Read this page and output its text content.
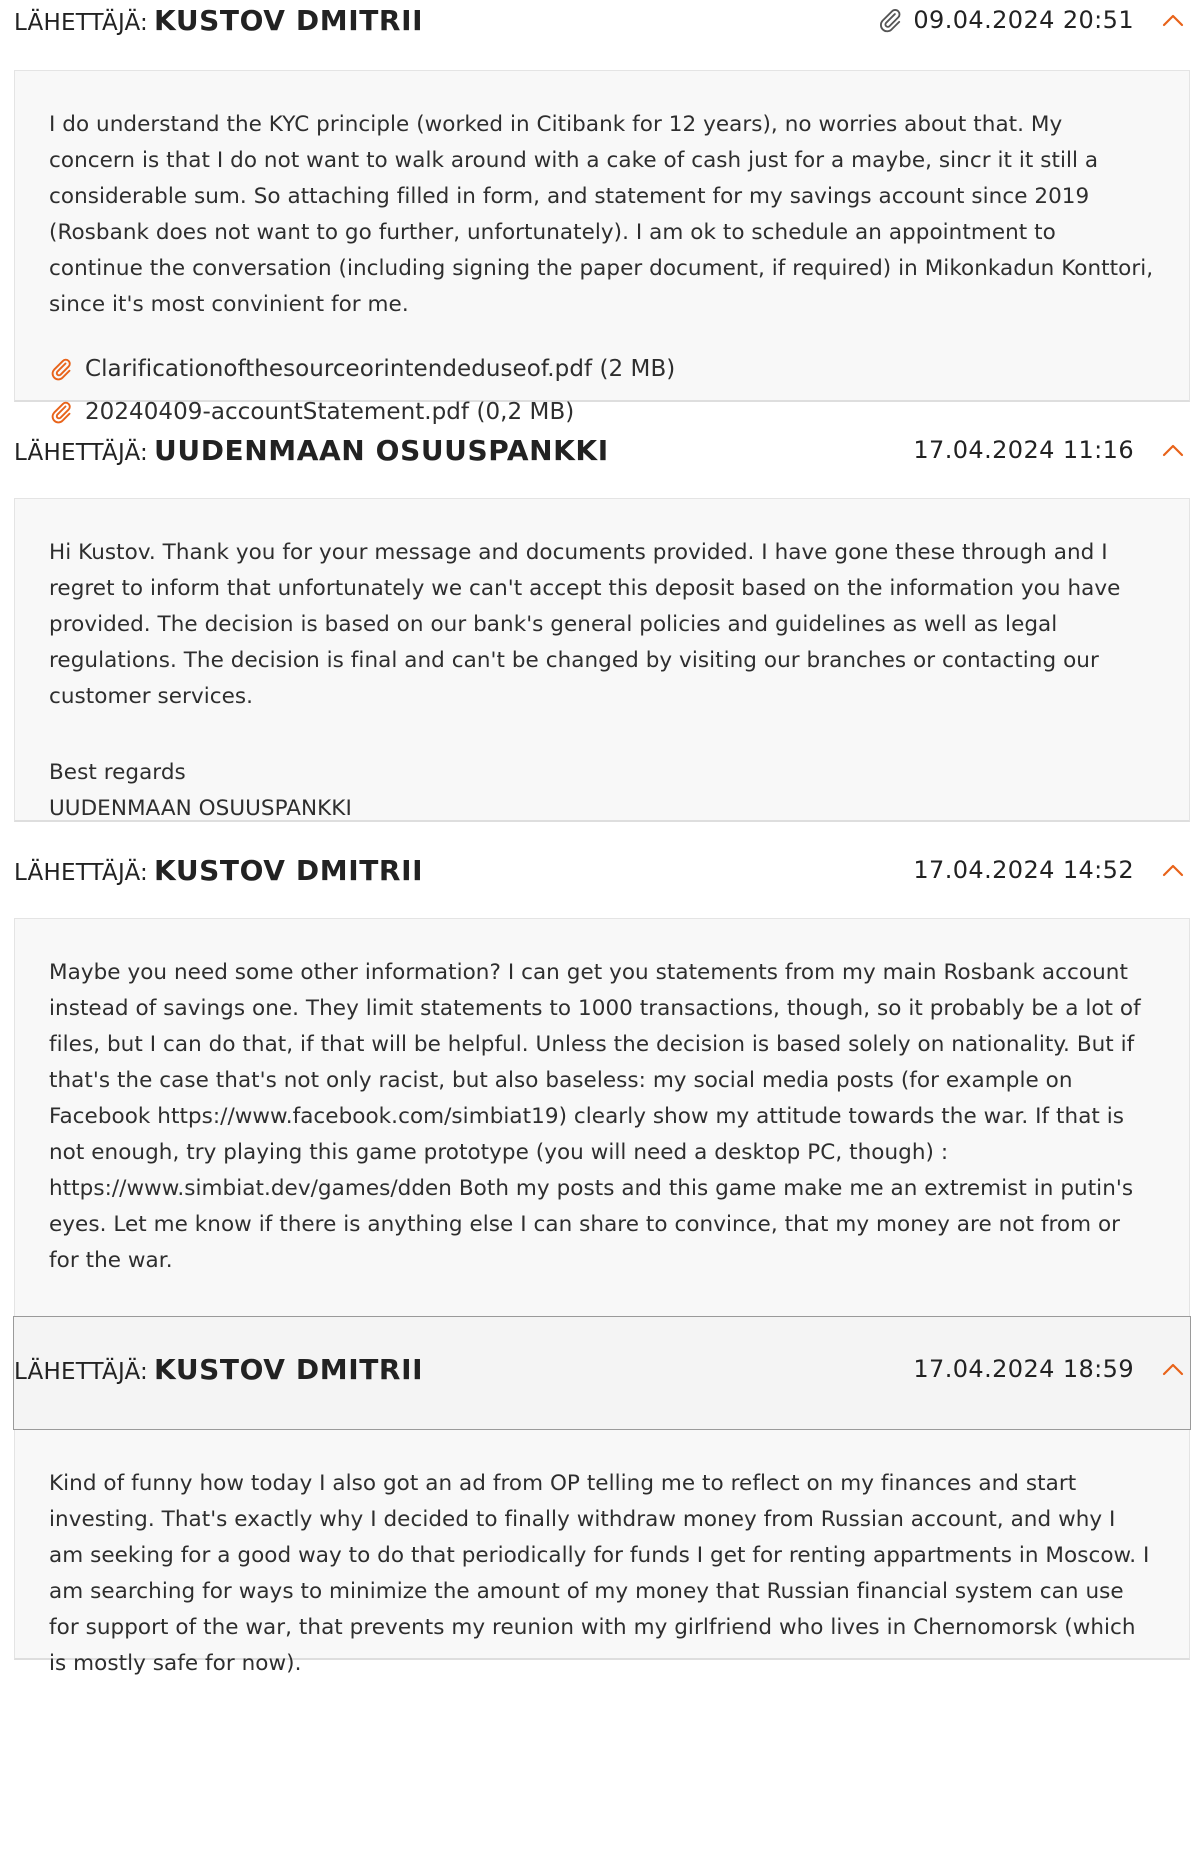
LÄHETTÄJÄ: KUSTOV DMITRII	09.04.2024 20:51

I do understand the KYC principle (worked in Citibank for 12 years), no worries about that. My concern is that I do not want to walk around with a cake of cash just for a maybe, sincr it it still a considerable sum. So attaching filled in form, and statement for my savings account since 2019 (Rosbank does not want to go further, unfortunately). I am ok to schedule an appointment to continue the conversation (including signing the paper document, if required) in Mikonkadun Konttori, since it's most convinient for me.

Clarificationofthesourceorintendeduseof.pdf (2 MB)
20240409-accountStatement.pdf (0,2 MB)
LÄHETTÄJÄ: UUDENMAAN OSUUSPANKKI	17.04.2024 11:16

Hi Kustov. Thank you for your message and documents provided. I have gone these through and I regret to inform that unfortunately we can't accept this deposit based on the information you have provided. The decision is based on our bank's general policies and guidelines as well as legal regulations. The decision is final and can't be changed by visiting our branches or contacting our customer services.

Best regards
UUDENMAAN OSUUSPANKKI
LÄHETTÄJÄ: KUSTOV DMITRII	17.04.2024 14:52

Maybe you need some other information? I can get you statements from my main Rosbank account instead of savings one. They limit statements to 1000 transactions, though, so it probably be a lot of files, but I can do that, if that will be helpful. Unless the decision is based solely on nationality. But if that's the case that's not only racist, but also baseless: my social media posts (for example on Facebook https://www.facebook.com/simbiat19) clearly show my attitude towards the war. If that is not enough, try playing this game prototype (you will need a desktop PC, though) : https://www.simbiat.dev/games/dden Both my posts and this game make me an extremist in putin's eyes. Let me know if there is anything else I can share to convince, that my money are not from or for the war.

LÄHETTÄJÄ: KUSTOV DMITRII	17.04.2024 18:59

Kind of funny how today I also got an ad from OP telling me to reflect on my finances and start investing. That's exactly why I decided to finally withdraw money from Russian account, and why I am seeking for a good way to do that periodically for funds I get for renting appartments in Moscow. I am searching for ways to minimize the amount of my money that Russian financial system can use for support of the war, that prevents my reunion with my girlfriend who lives in Chernomorsk (which is mostly safe for now).
